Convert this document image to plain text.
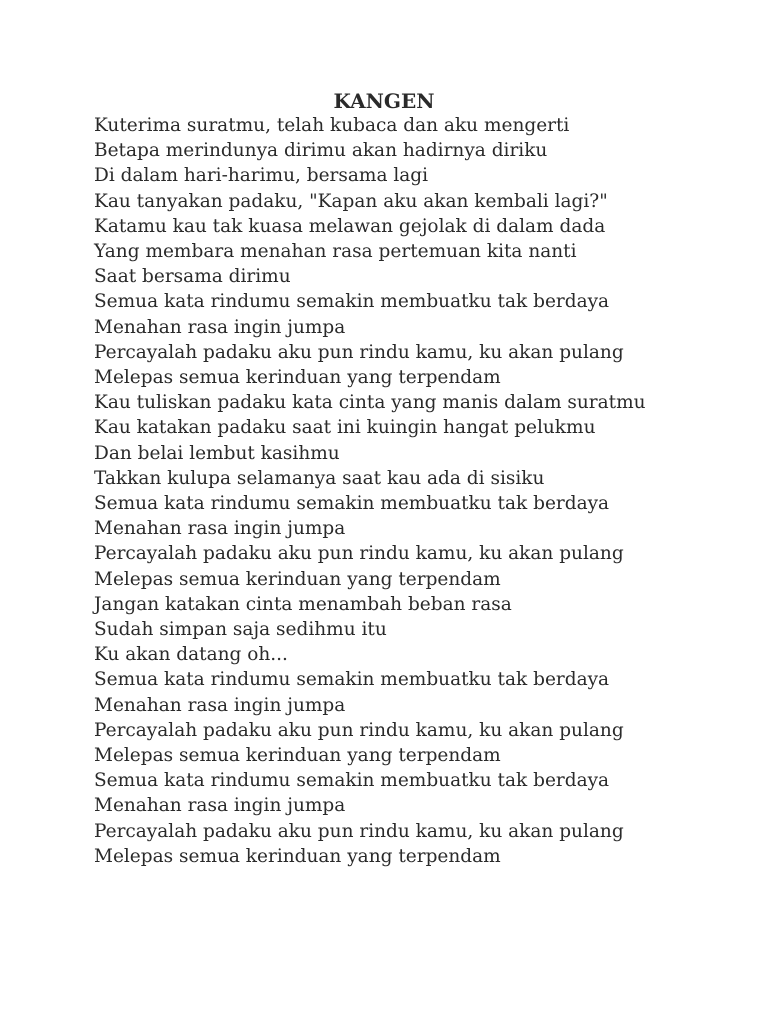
KANGEN
Kuterima suratmu, telah kubaca dan aku mengerti
Betapa merindunya dirimu akan hadirnya diriku
Di dalam hari-harimu, bersama lagi
Kau tanyakan padaku, "Kapan aku akan kembali lagi?"
Katamu kau tak kuasa melawan gejolak di dalam dada
Yang membara menahan rasa pertemuan kita nanti
Saat bersama dirimu
Semua kata rindumu semakin membuatku tak berdaya
Menahan rasa ingin jumpa
Percayalah padaku aku pun rindu kamu, ku akan pulang
Melepas semua kerinduan yang terpendam
Kau tuliskan padaku kata cinta yang manis dalam suratmu
Kau katakan padaku saat ini kuingin hangat pelukmu
Dan belai lembut kasihmu
Takkan kulupa selamanya saat kau ada di sisiku
Semua kata rindumu semakin membuatku tak berdaya
Menahan rasa ingin jumpa
Percayalah padaku aku pun rindu kamu, ku akan pulang
Melepas semua kerinduan yang terpendam
Jangan katakan cinta menambah beban rasa
Sudah simpan saja sedihmu itu
Ku akan datang oh...
Semua kata rindumu semakin membuatku tak berdaya
Menahan rasa ingin jumpa
Percayalah padaku aku pun rindu kamu, ku akan pulang
Melepas semua kerinduan yang terpendam
Semua kata rindumu semakin membuatku tak berdaya
Menahan rasa ingin jumpa
Percayalah padaku aku pun rindu kamu, ku akan pulang
Melepas semua kerinduan yang terpendam
